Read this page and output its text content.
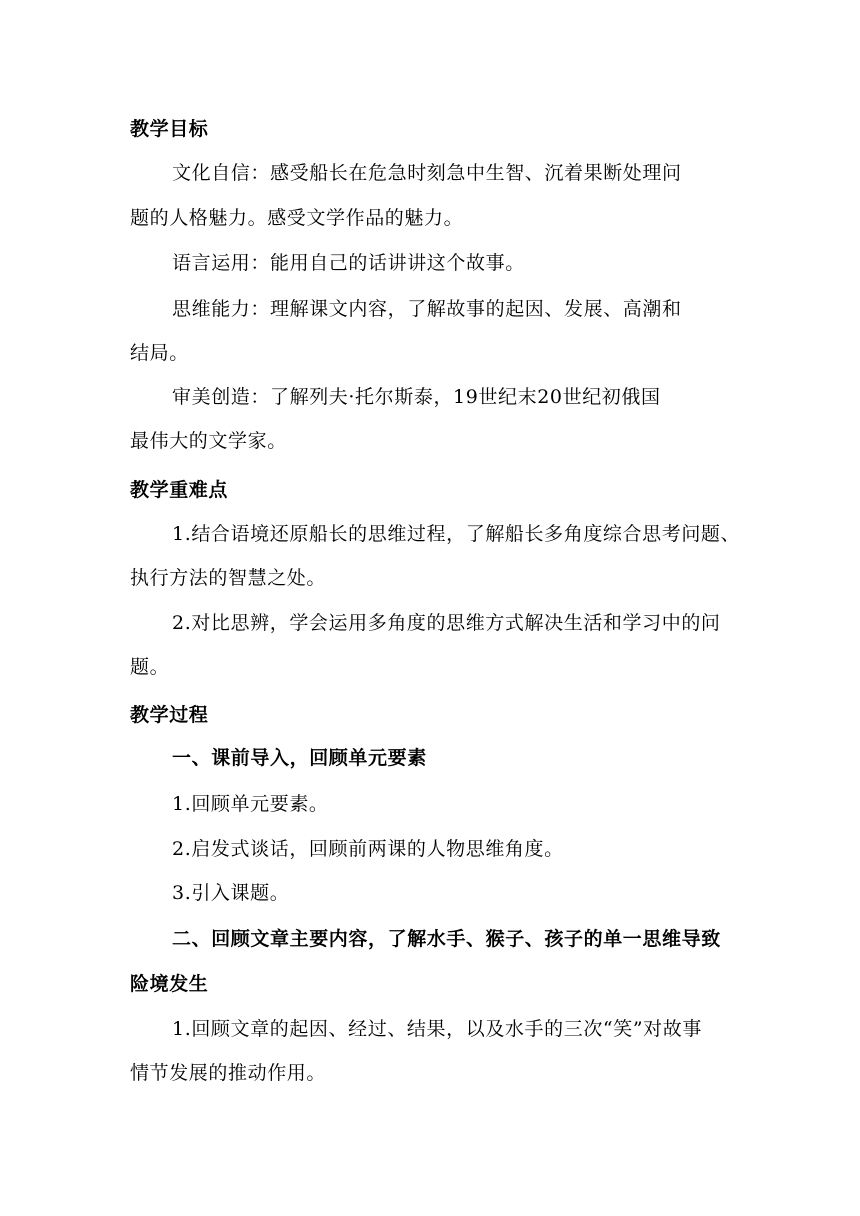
教学目标
文化自信：感受船长在危急时刻急中生智、沉着果断处理问
题的人格魅力。感受文学作品的魅力。
语言运用：能用自己的话讲讲这个故事。
思维能力：理解课文内容，了解故事的起因、发展、高潮和
结局。
审美创造：了解列夫·托尔斯泰，19世纪末20世纪初俄国
最伟大的文学家。
教学重难点
1.结合语境还原船长的思维过程，了解船长多角度综合思考问题、
执行方法的智慧之处。
2.对比思辨，学会运用多角度的思维方式解决生活和学习中的问
题。
教学过程
一、课前导入，回顾单元要素
1.回顾单元要素。
2.启发式谈话，回顾前两课的人物思维角度。
3.引入课题。
二、回顾文章主要内容，了解水手、猴子、孩子的单一思维导致
险境发生
1.回顾文章的起因、经过、结果，以及水手的三次“笑”对故事
情节发展的推动作用。
